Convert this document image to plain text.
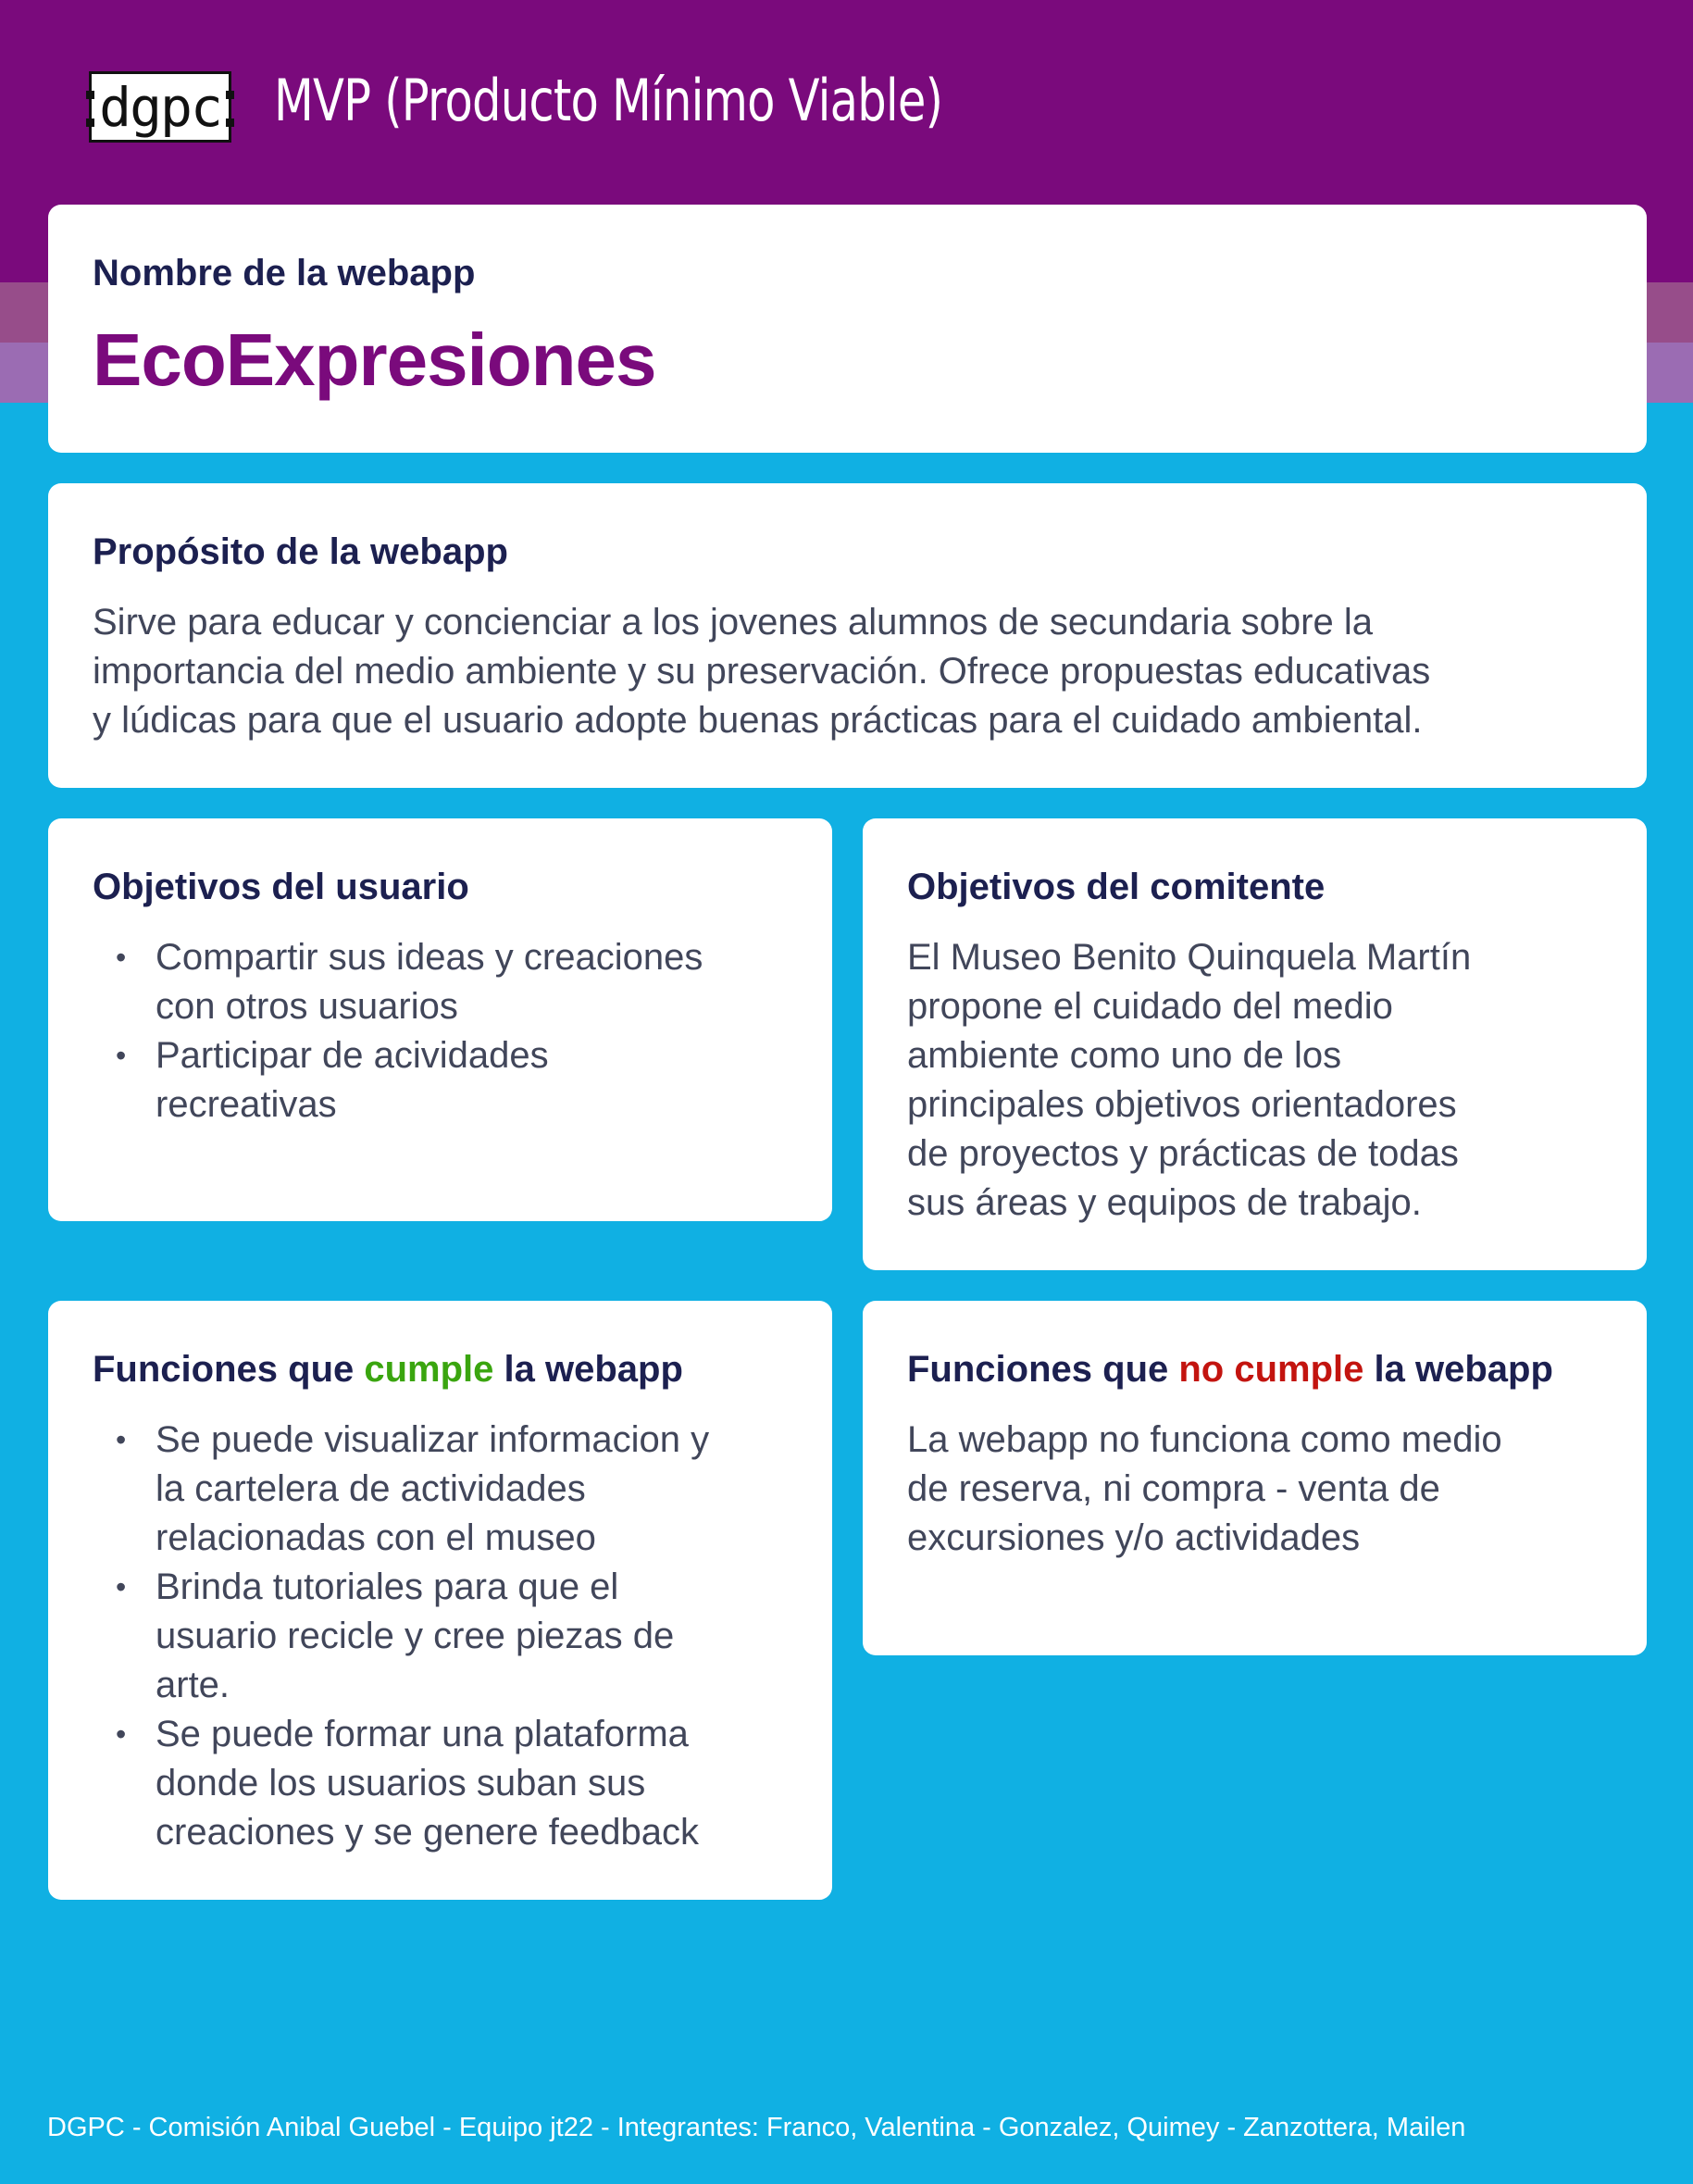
dgpc MVP (Producto Mínimo Viable)
Nombre de la webapp
EcoExpresiones
Propósito de la webapp
Sirve para educar y concienciar a los jovenes alumnos de secundaria sobre la
importancia del medio ambiente y su preservación. Ofrece propuestas educativas
y lúdicas para que el usuario adopte buenas prácticas para el cuidado ambiental.
Objetivos del usuario
• Compartir sus ideas y creaciones
con otros usuarios
• Participar de acividades
recreativas
Objetivos del comitente
El Museo Benito Quinquela Martín
propone el cuidado del medio
ambiente como uno de los
principales objetivos orientadores
de proyectos y prácticas de todas
sus áreas y equipos de trabajo.
Funciones que cumple la webapp
• Se puede visualizar informacion y
la cartelera de actividades
relacionadas con el museo
• Brinda tutoriales para que el
usuario recicle y cree piezas de
arte.
• Se puede formar una plataforma
donde los usuarios suban sus
creaciones y se genere feedback
Funciones que no cumple la webapp
La webapp no funciona como medio
de reserva, ni compra - venta de
excursiones y/o actividades
DGPC - Comisión Anibal Guebel - Equipo jt22 - Integrantes: Franco, Valentina - Gonzalez, Quimey - Zanzottera, Mailen
